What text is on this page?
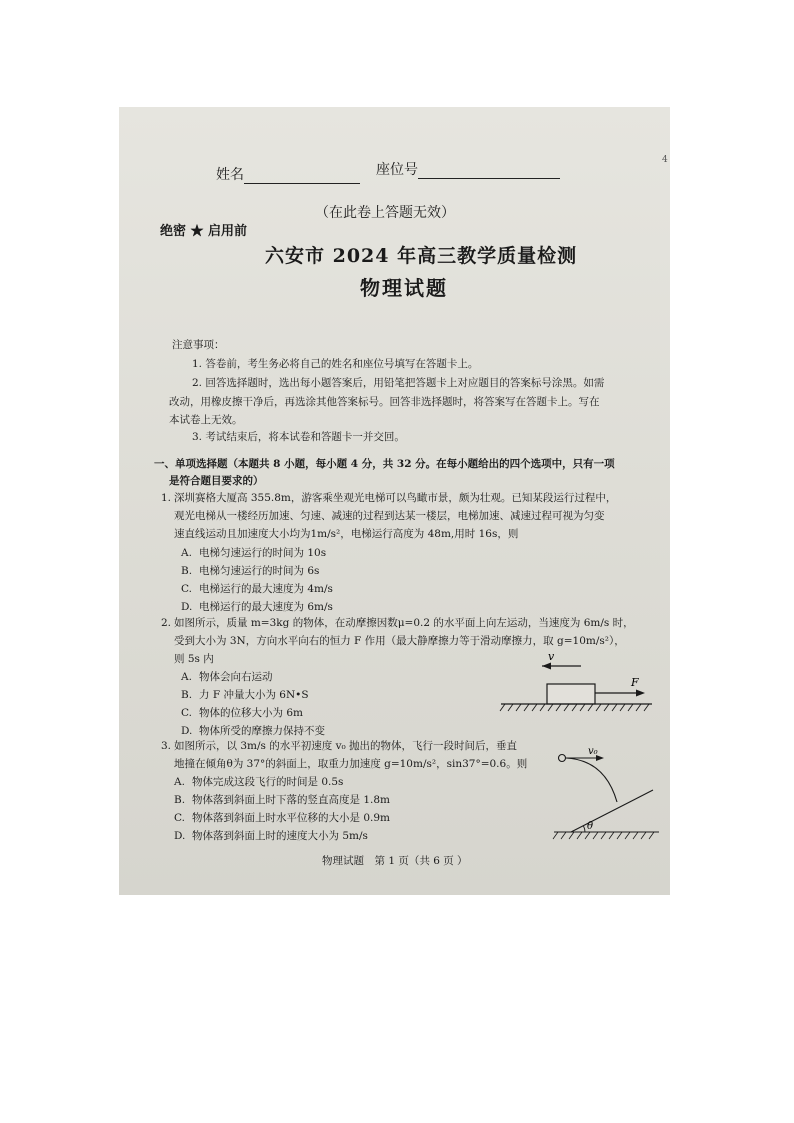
姓名	座位号
（在此卷上答题无效）
绝密 ★ 启用前
六安市 2024 年高三教学质量检测
物理试题
注意事项：
1. 答卷前，考生务必将自己的姓名和座位号填写在答题卡上。
2. 回答选择题时，选出每小题答案后，用铅笔把答题卡上对应题目的答案标号涂黑。如需
改动，用橡皮擦干净后，再选涂其他答案标号。回答非选择题时，将答案写在答题卡上。写在
本试卷上无效。
3. 考试结束后，将本试卷和答题卡一并交回。
一、单项选择题（本题共 8 小题，每小题 4 分，共 32 分。在每小题给出的四个选项中，只有一项
是符合题目要求的）
1. 深圳赛格大厦高 355.8m，游客乘坐观光电梯可以鸟瞰市景，颇为壮观。已知某段运行过程中，
观光电梯从一楼经历加速、匀速、减速的过程到达某一楼层，电梯加速、减速过程可视为匀变
速直线运动且加速度大小均为1m/s²，电梯运行高度为 48m,用时 16s，则
A. 电梯匀速运行的时间为 10s
B. 电梯匀速运行的时间为 6s
C. 电梯运行的最大速度为 4m/s
D. 电梯运行的最大速度为 6m/s
2. 如图所示，质量 m=3kg 的物体，在动摩擦因数μ=0.2 的水平面上向左运动，当速度为 6m/s 时，
受到大小为 3N，方向水平向右的恒力 F 作用（最大静摩擦力等于滑动摩擦力，取 g=10m/s²），
则 5s 内
A. 物体会向右运动
B. 力 F 冲量大小为 6N•S
C. 物体的位移大小为 6m
D. 物体所受的摩擦力保持不变
v
F
3. 如图所示，以 3m/s 的水平初速度 v₀ 抛出的物体，飞行一段时间后，垂直
地撞在倾角θ为 37°的斜面上，取重力加速度 g=10m/s²，sin37°=0.6。则
A. 物体完成这段飞行的时间是 0.5s
B. 物体落到斜面上时下落的竖直高度是 1.8m
C. 物体落到斜面上时水平位移的大小是 0.9m
D. 物体落到斜面上时的速度大小为 5m/s
v₀
θ
物理试题　第 1 页（共 6 页 ）
4
